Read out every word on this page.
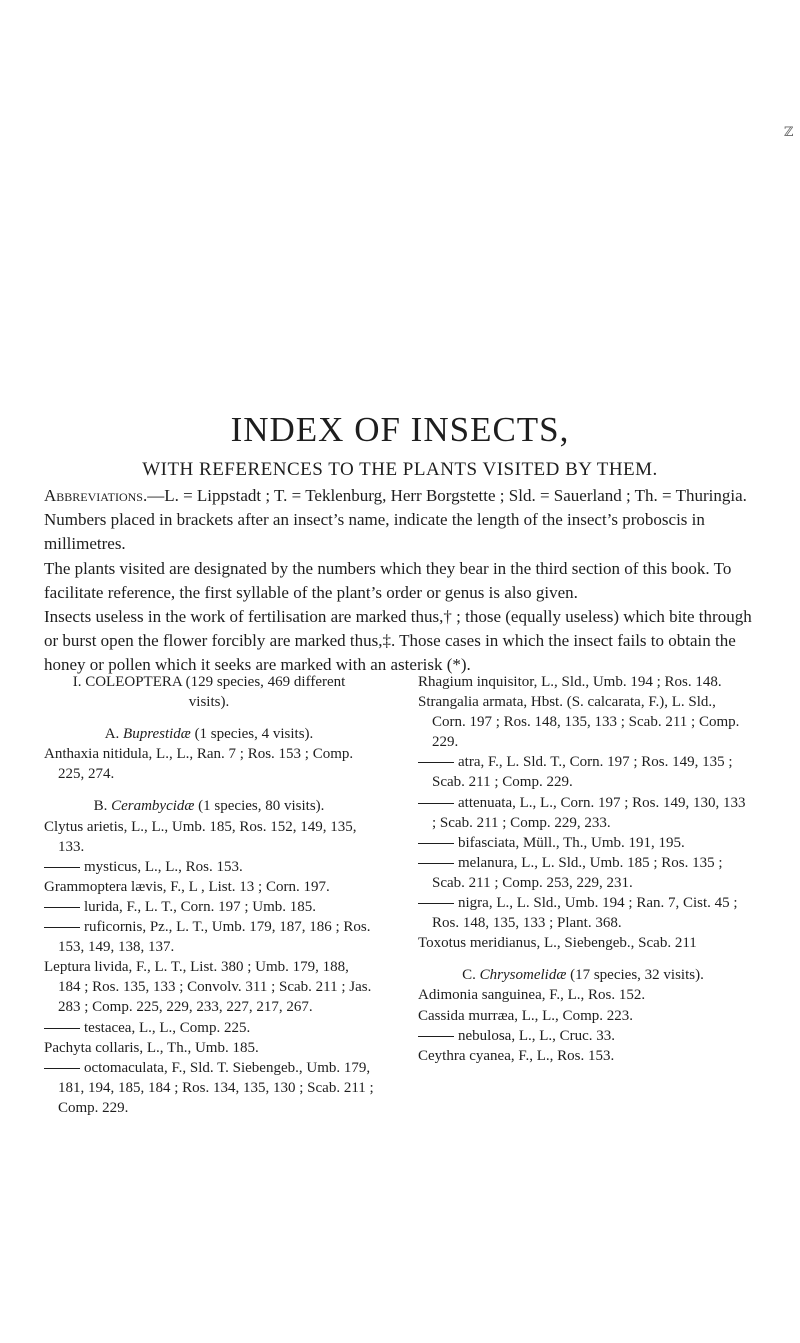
ℤ
INDEX OF INSECTS,
WITH REFERENCES TO THE PLANTS VISITED BY THEM.

Abbreviations.—L. = Lippstadt ; T. = Teklenburg, Herr Borgstette ; Sld. = Sauerland ; Th. = Thuringia.

Numbers placed in brackets after an insect’s name, indicate the length of the insect’s proboscis in millimetres.

The plants visited are designated by the numbers which they bear in the third section of this book. To facilitate reference, the first syllable of the plant’s order or genus is also given.

Insects useless in the work of fertilisation are marked thus,† ; those (equally useless) which bite through or burst open the flower forcibly are marked thus,‡. Those cases in which the insect fails to obtain the honey or pollen which it seeks are marked with an asterisk (*).

I. COLEOPTERA (129 species, 469 different visits).

A. Buprestidæ (1 species, 4 visits).

Anthaxia nitidula, L., L., Ran. 7 ; Ros. 153 ; Comp. 225, 274.

B. Cerambycidæ (1 species, 80 visits).

Clytus arietis, L., L., Umb. 185, Ros. 152, 149, 135, 133.

mysticus, L., L., Ros. 153.

Grammoptera lævis, F., L , List. 13 ; Corn. 197.

lurida, F., L. T., Corn. 197 ; Umb. 185.

ruficornis, Pz., L. T., Umb. 179, 187, 186 ; Ros. 153, 149, 138, 137.

Leptura livida, F., L. T., List. 380 ; Umb. 179, 188, 184 ; Ros. 135, 133 ; Convolv. 311 ; Scab. 211 ; Jas. 283 ; Comp. 225, 229, 233, 227, 217, 267.

testacea, L., L., Comp. 225.

Pachyta collaris, L., Th., Umb. 185.

octomaculata, F., Sld. T. Siebengeb., Umb. 179, 181, 194, 185, 184 ; Ros. 134, 135, 130 ; Scab. 211 ; Comp. 229.

Rhagium inquisitor, L., Sld., Umb. 194 ; Ros. 148.

Strangalia armata, Hbst. (S. calcarata, F.), L. Sld., Corn. 197 ; Ros. 148, 135, 133 ; Scab. 211 ; Comp. 229.

atra, F., L. Sld. T., Corn. 197 ; Ros. 149, 135 ; Scab. 211 ; Comp. 229.

attenuata, L., L., Corn. 197 ; Ros. 149, 130, 133 ; Scab. 211 ; Comp. 229, 233.

bifasciata, Müll., Th., Umb. 191, 195.

melanura, L., L. Sld., Umb. 185 ; Ros. 135 ; Scab. 211 ; Comp. 253, 229, 231.

nigra, L., L. Sld., Umb. 194 ; Ran. 7, Cist. 45 ; Ros. 148, 135, 133 ; Plant. 368.

Toxotus meridianus, L., Siebengeb., Scab. 211

C. Chrysomelidæ (17 species, 32 visits).

Adimonia sanguinea, F., L., Ros. 152.

Cassida murræa, L., L., Comp. 223.

nebulosa, L., L., Cruc. 33.

Ceythra cyanea, F., L., Ros. 153.
